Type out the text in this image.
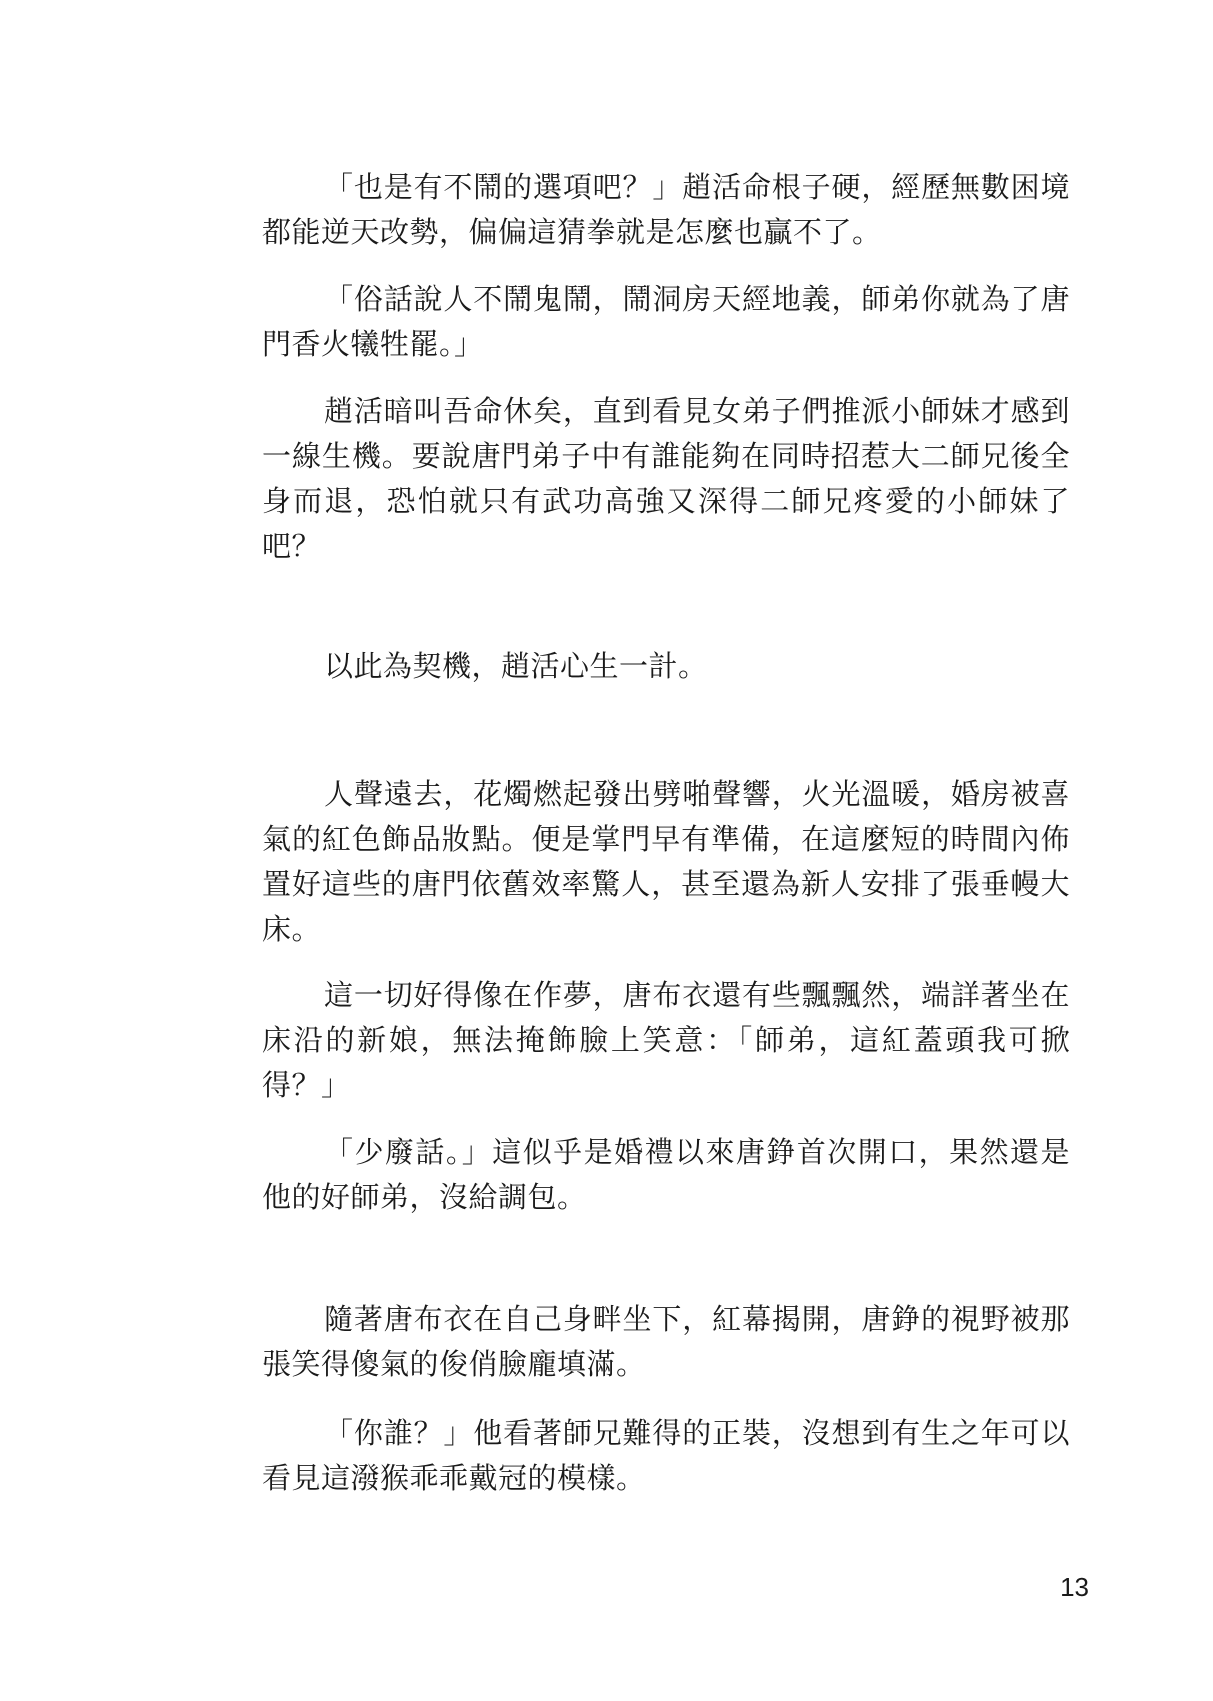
「也是有不鬧的選項吧？」趙活命根子硬，經歷無數困境都能逆天改勢，偏偏這猜拳就是怎麼也贏不了。

「俗話說人不鬧鬼鬧，鬧洞房天經地義，師弟你就為了唐門香火犧牲罷。」

趙活暗叫吾命休矣，直到看見女弟子們推派小師妹才感到一線生機。要說唐門弟子中有誰能夠在同時招惹大二師兄後全身而退，恐怕就只有武功高強又深得二師兄疼愛的小師妹了吧？

以此為契機，趙活心生一計。

人聲遠去，花燭燃起發出劈啪聲響，火光溫暖，婚房被喜氣的紅色飾品妝點。便是掌門早有準備，在這麼短的時間內佈置好這些的唐門依舊效率驚人，甚至還為新人安排了張垂幔大床。

這一切好得像在作夢，唐布衣還有些飄飄然，端詳著坐在床沿的新娘，無法掩飾臉上笑意：「師弟，這紅蓋頭我可掀得？」

「少廢話。」這似乎是婚禮以來唐錚首次開口，果然還是他的好師弟，沒給調包。

隨著唐布衣在自己身畔坐下，紅幕揭開，唐錚的視野被那張笑得傻氣的俊俏臉龐填滿。

「你誰？」他看著師兄難得的正裝，沒想到有生之年可以看見這潑猴乖乖戴冠的模樣。

13
